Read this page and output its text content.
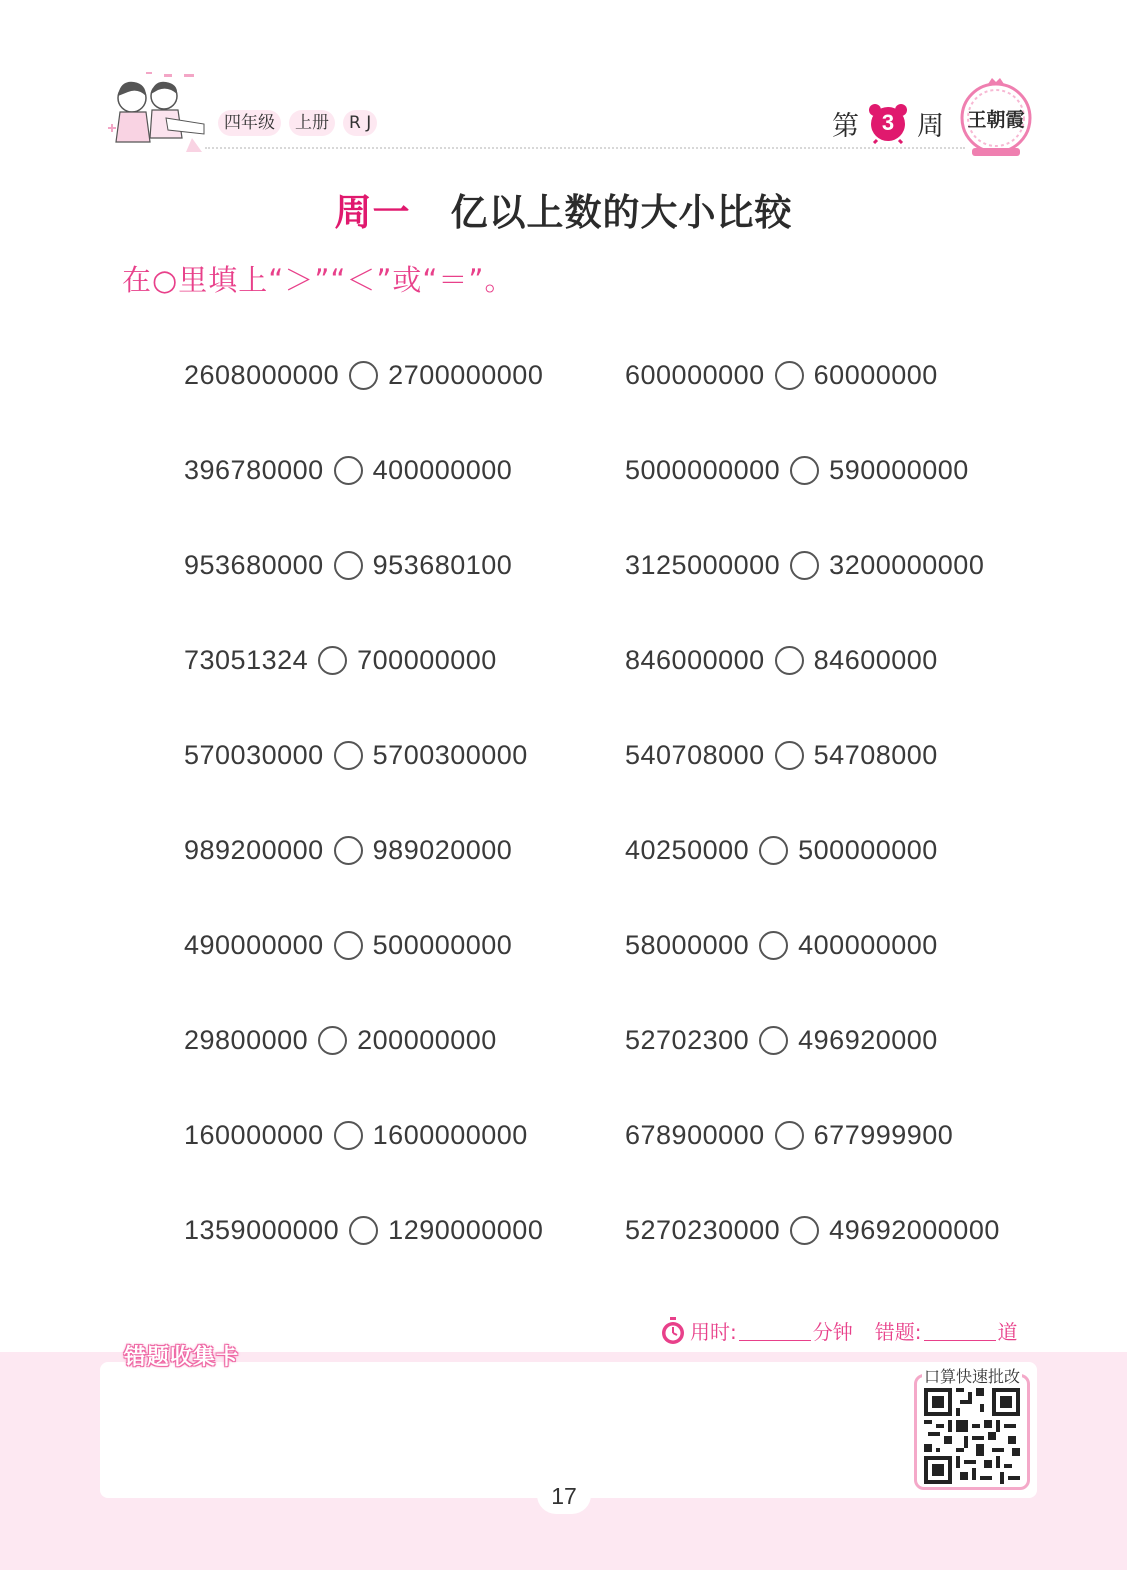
四年级	上册	R J	第	3 周 王朝霞
周一 亿以上数的大小比较
在○里填上“＞”“＜”或“＝”。
2608000000 2700000000
396780000 400000000
953680000 953680100
73051324 700000000
570030000 5700300000
989200000 989020000
490000000 500000000
29800000 200000000
160000000 1600000000
1359000000 1290000000
600000000 60000000
5000000000 590000000
3125000000 3200000000
846000000 84600000
540708000 54708000
40250000 500000000
58000000 400000000
52702300 496920000
678900000 677999900
5270230000 49692000000
用时:	分钟 错题:	道
错题收集卡
口算快速批改
17
